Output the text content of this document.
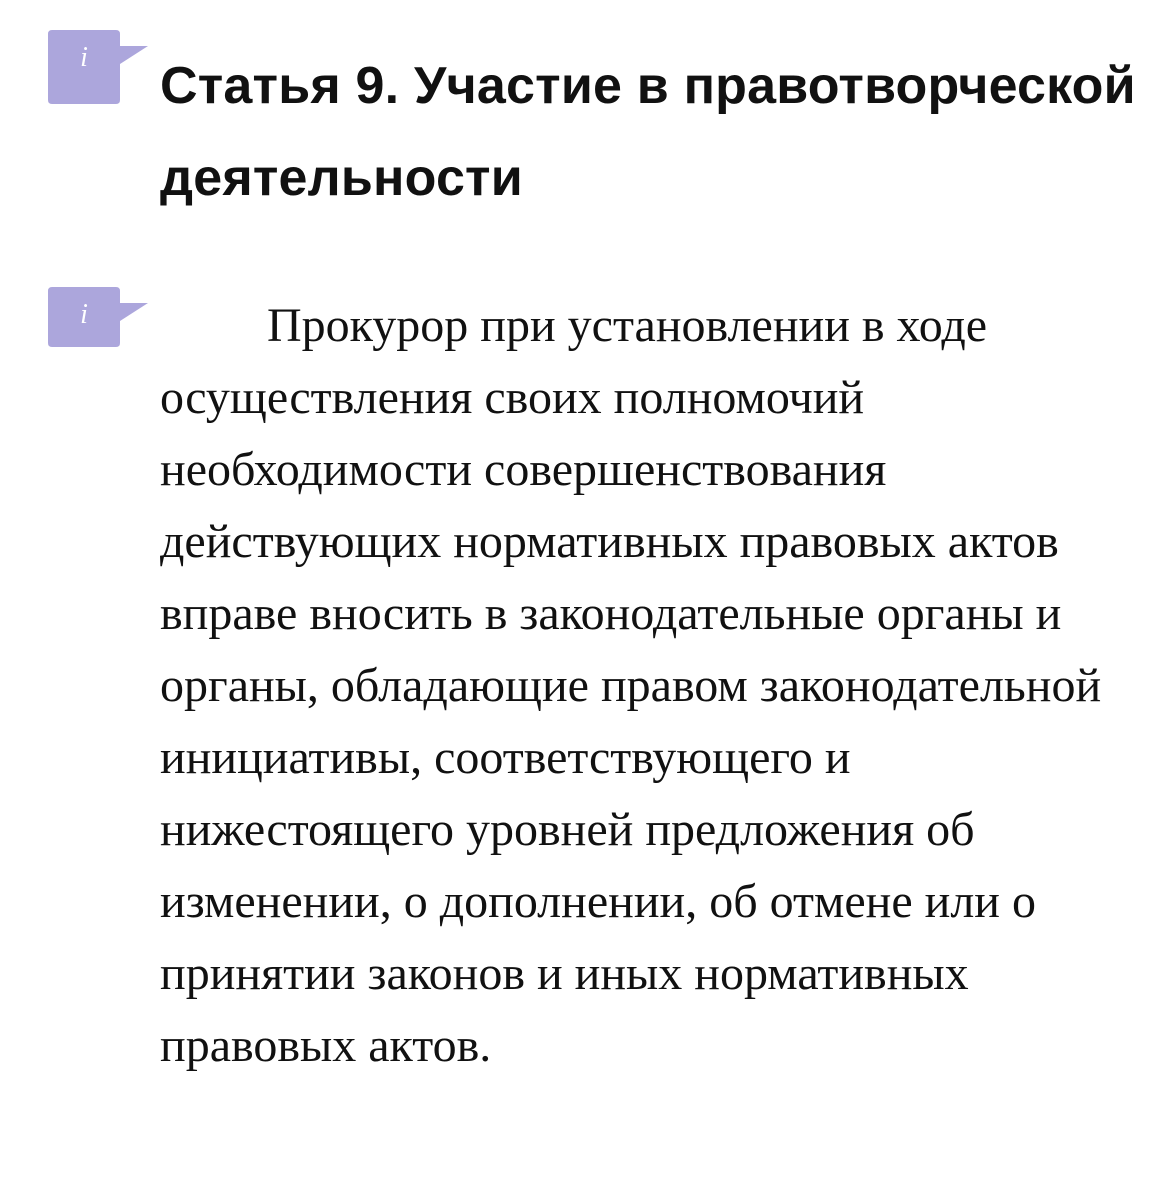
i Статья 9. Участие в правотворческой деятельности
i	Прокурор при установлении в ходе осуществления своих полномочий необходимости совершенствования действующих нормативных правовых актов вправе вносить в законодательные органы и органы, обладающие правом законодательной инициативы, соответствующего и нижестоящего уровней предложения об изменении, о дополнении, об отмене или о принятии законов и иных нормативных правовых актов.
